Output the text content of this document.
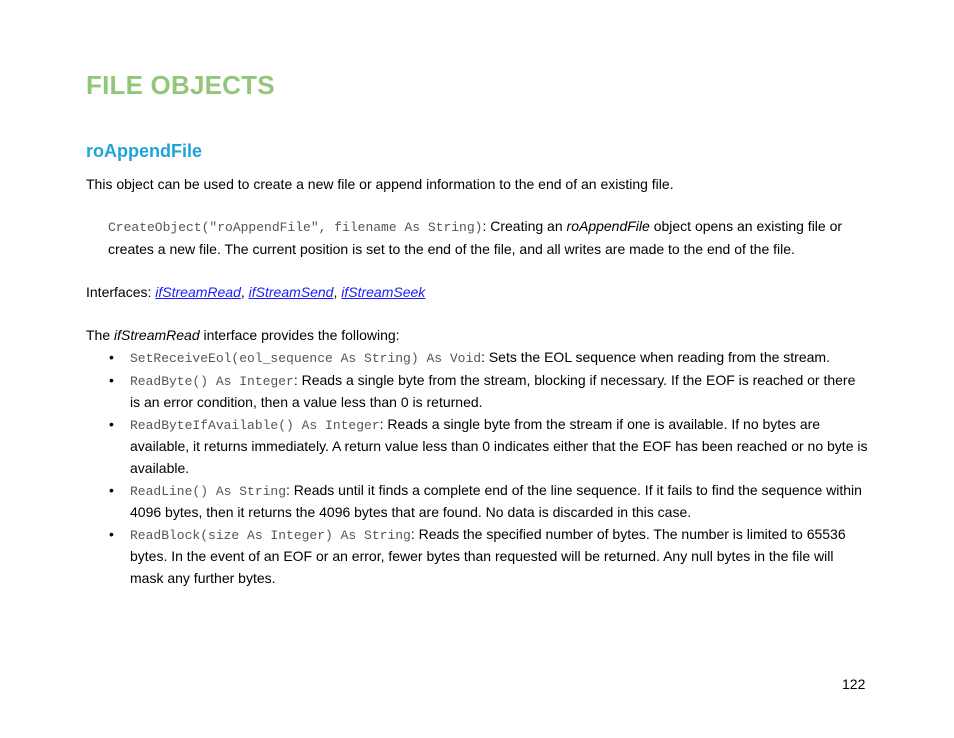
FILE OBJECTS
roAppendFile

This object can be used to create a new file or append information to the end of an existing file.

CreateObject("roAppendFile", filename As String): Creating an roAppendFile object opens an existing file or creates a new file. The current position is set to the end of the file, and all writes are made to the end of the file.

Interfaces: ifStreamRead, ifStreamSend, ifStreamSeek

The ifStreamRead interface provides the following:

• SetReceiveEol(eol_sequence As String) As Void: Sets the EOL sequence when reading from the stream.
• ReadByte() As Integer: Reads a single byte from the stream, blocking if necessary. If the EOF is reached or there is an error condition, then a value less than 0 is returned.
• ReadByteIfAvailable() As Integer: Reads a single byte from the stream if one is available. If no bytes are available, it returns immediately. A return value less than 0 indicates either that the EOF has been reached or no byte is available.
• ReadLine() As String: Reads until it finds a complete end of the line sequence. If it fails to find the sequence within 4096 bytes, then it returns the 4096 bytes that are found. No data is discarded in this case.
• ReadBlock(size As Integer) As String: Reads the specified number of bytes. The number is limited to 65536 bytes. In the event of an EOF or an error, fewer bytes than requested will be returned. Any null bytes in the file will mask any further bytes.
122
